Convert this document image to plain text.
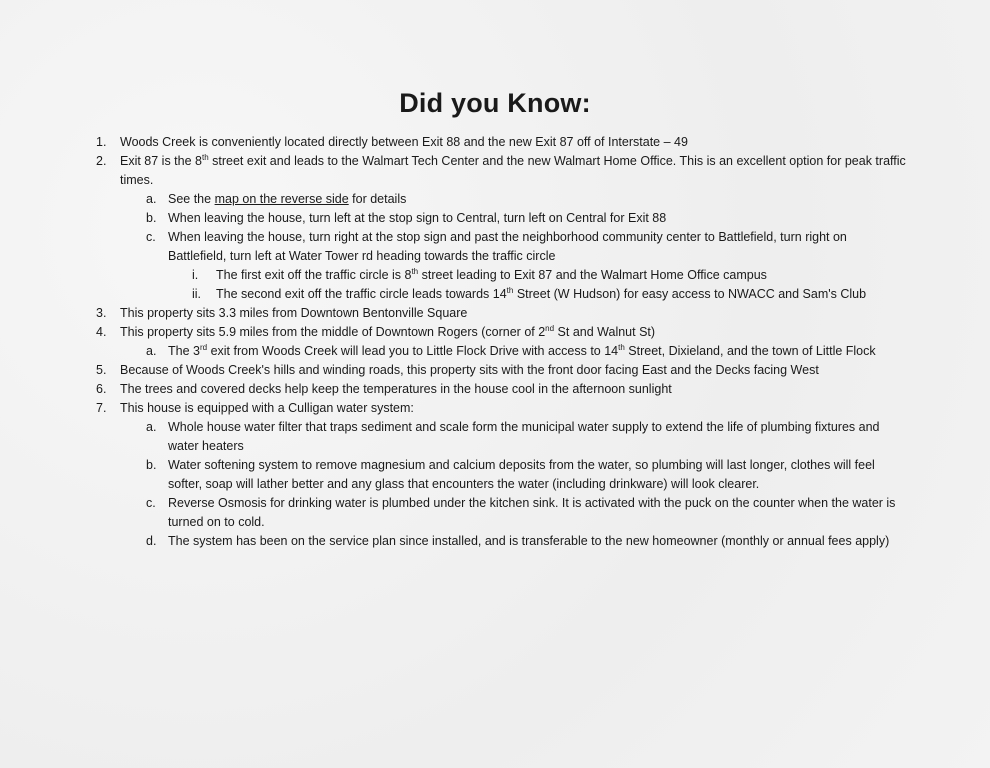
Did you Know:
1. Woods Creek is conveniently located directly between Exit 88 and the new Exit 87 off of Interstate – 49
2. Exit 87 is the 8th street exit and leads to the Walmart Tech Center and the new Walmart Home Office. This is an excellent option for peak traffic times.
a. See the map on the reverse side for details
b. When leaving the house, turn left at the stop sign to Central, turn left on Central for Exit 88
c. When leaving the house, turn right at the stop sign and past the neighborhood community center to Battlefield, turn right on Battlefield, turn left at Water Tower rd heading towards the traffic circle
i. The first exit off the traffic circle is 8th street leading to Exit 87 and the Walmart Home Office campus
ii. The second exit off the traffic circle leads towards 14th Street (W Hudson) for easy access to NWACC and Sam's Club
3. This property sits 3.3 miles from Downtown Bentonville Square
4. This property sits 5.9 miles from the middle of Downtown Rogers (corner of 2nd St and Walnut St)
a. The 3rd exit from Woods Creek will lead you to Little Flock Drive with access to 14th Street, Dixieland, and the town of Little Flock
5. Because of Woods Creek's hills and winding roads, this property sits with the front door facing East and the Decks facing West
6. The trees and covered decks help keep the temperatures in the house cool in the afternoon sunlight
7. This house is equipped with a Culligan water system:
a. Whole house water filter that traps sediment and scale form the municipal water supply to extend the life of plumbing fixtures and water heaters
b. Water softening system to remove magnesium and calcium deposits from the water, so plumbing will last longer, clothes will feel softer, soap will lather better and any glass that encounters the water (including drinkware) will look clearer.
c. Reverse Osmosis for drinking water is plumbed under the kitchen sink. It is activated with the puck on the counter when the water is turned on to cold.
d. The system has been on the service plan since installed, and is transferable to the new homeowner (monthly or annual fees apply)
